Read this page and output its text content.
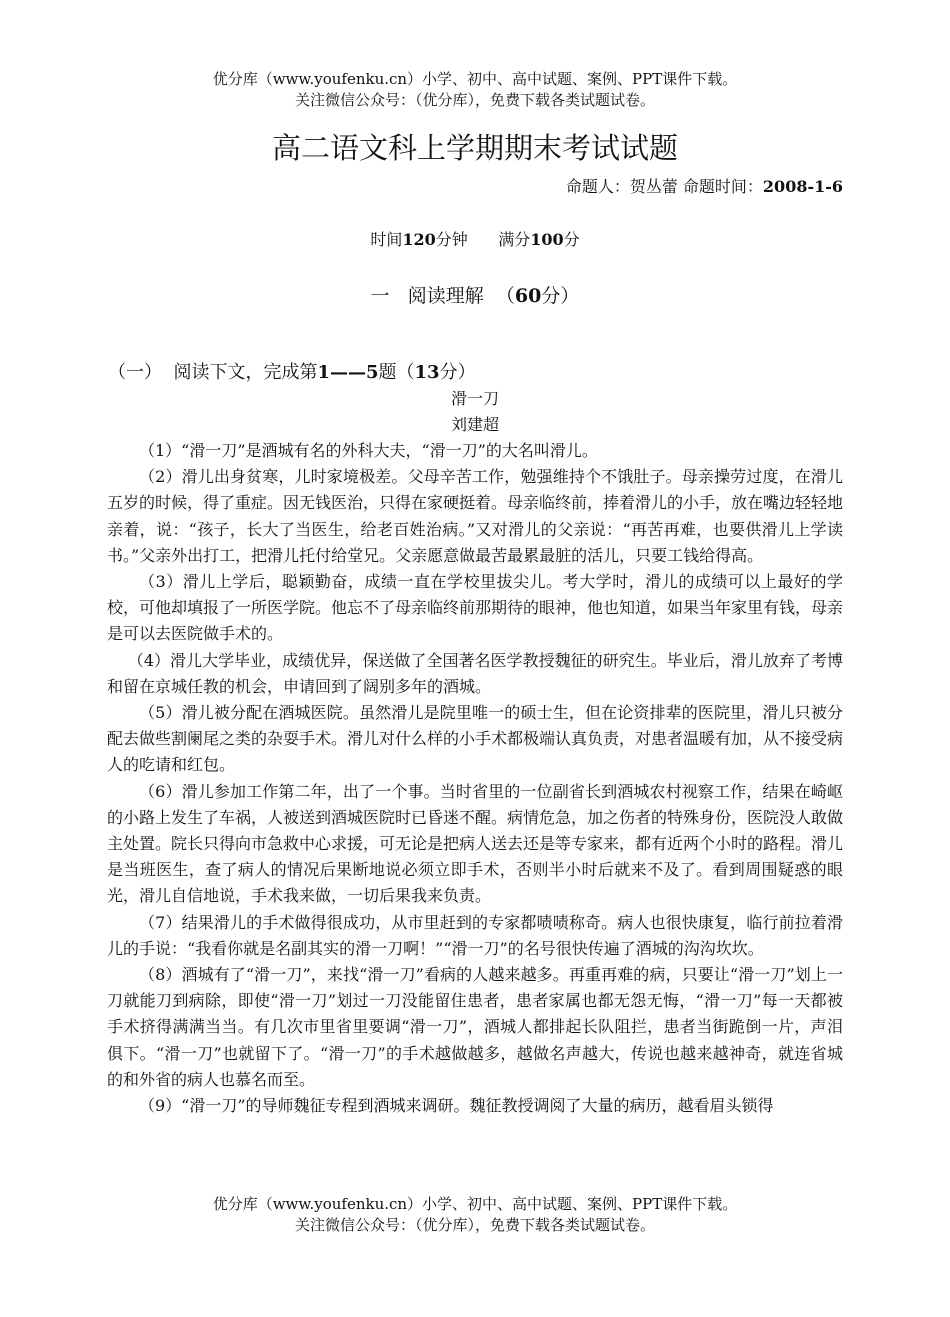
优分库（www.youfenku.cn）小学、初中、高中试题、案例、PPT课件下载。
关注微信公众号：（优分库），免费下载各类试题试卷。
高二语文科上学期期末考试试题
命题人：贺丛蕾 命题时间：2008-1-6
时间120分钟      满分100分
一   阅读理解  （60分）
（一）  阅读下文，完成第1——5题（13分）
滑一刀
刘建超

（1）“滑一刀”是酒城有名的外科大夫，“滑一刀”的大名叫滑儿。

（2）滑儿出身贫寒，儿时家境极差。父母辛苦工作，勉强维持个不饿肚子。母亲操劳过度，在滑儿五岁的时候，得了重症。因无钱医治，只得在家硬挺着。母亲临终前，捧着滑儿的小手，放在嘴边轻轻地亲着，说：“孩子，长大了当医生，给老百姓治病。”又对滑儿的父亲说：“再苦再难，也要供滑儿上学读书。”父亲外出打工，把滑儿托付给堂兄。父亲愿意做最苦最累最脏的活儿，只要工钱给得高。

（3）滑儿上学后，聪颖勤奋，成绩一直在学校里拔尖儿。考大学时，滑儿的成绩可以上最好的学校，可他却填报了一所医学院。他忘不了母亲临终前那期待的眼神，他也知道，如果当年家里有钱，母亲是可以去医院做手术的。

（4）滑儿大学毕业，成绩优异，保送做了全国著名医学教授魏征的研究生。毕业后，滑儿放弃了考博和留在京城任教的机会，申请回到了阔别多年的酒城。

（5）滑儿被分配在酒城医院。虽然滑儿是院里唯一的硕士生，但在论资排辈的医院里，滑儿只被分配去做些割阑尾之类的杂耍手术。滑儿对什么样的小手术都极端认真负责，对患者温暖有加，从不接受病人的吃请和红包。

（6）滑儿参加工作第二年，出了一个事。当时省里的一位副省长到酒城农村视察工作，结果在崎岖的小路上发生了车祸，人被送到酒城医院时已昏迷不醒。病情危急，加之伤者的特殊身份，医院没人敢做主处置。院长只得向市急救中心求援，可无论是把病人送去还是等专家来，都有近两个小时的路程。滑儿是当班医生，查了病人的情况后果断地说必须立即手术，否则半小时后就来不及了。看到周围疑惑的眼光，滑儿自信地说，手术我来做，一切后果我来负责。

（7）结果滑儿的手术做得很成功，从市里赶到的专家都啧啧称奇。病人也很快康复，临行前拉着滑儿的手说：“我看你就是名副其实的滑一刀啊！”“滑一刀”的名号很快传遍了酒城的沟沟坎坎。

（8）酒城有了“滑一刀”，来找“滑一刀”看病的人越来越多。再重再难的病，只要让“滑一刀”划上一刀就能刀到病除，即使“滑一刀”划过一刀没能留住患者，患者家属也都无怨无悔，“滑一刀”每一天都被手术挤得满满当当。有几次市里省里要调“滑一刀”，酒城人都排起长队阻拦，患者当街跪倒一片，声泪俱下。“滑一刀”也就留下了。“滑一刀”的手术越做越多，越做名声越大，传说也越来越神奇，就连省城的和外省的病人也慕名而至。

（9）“滑一刀”的导师魏征专程到酒城来调研。魏征教授调阅了大量的病历，越看眉头锁得

优分库（www.youfenku.cn）小学、初中、高中试题、案例、PPT课件下载。
关注微信公众号：（优分库），免费下载各类试题试卷。
